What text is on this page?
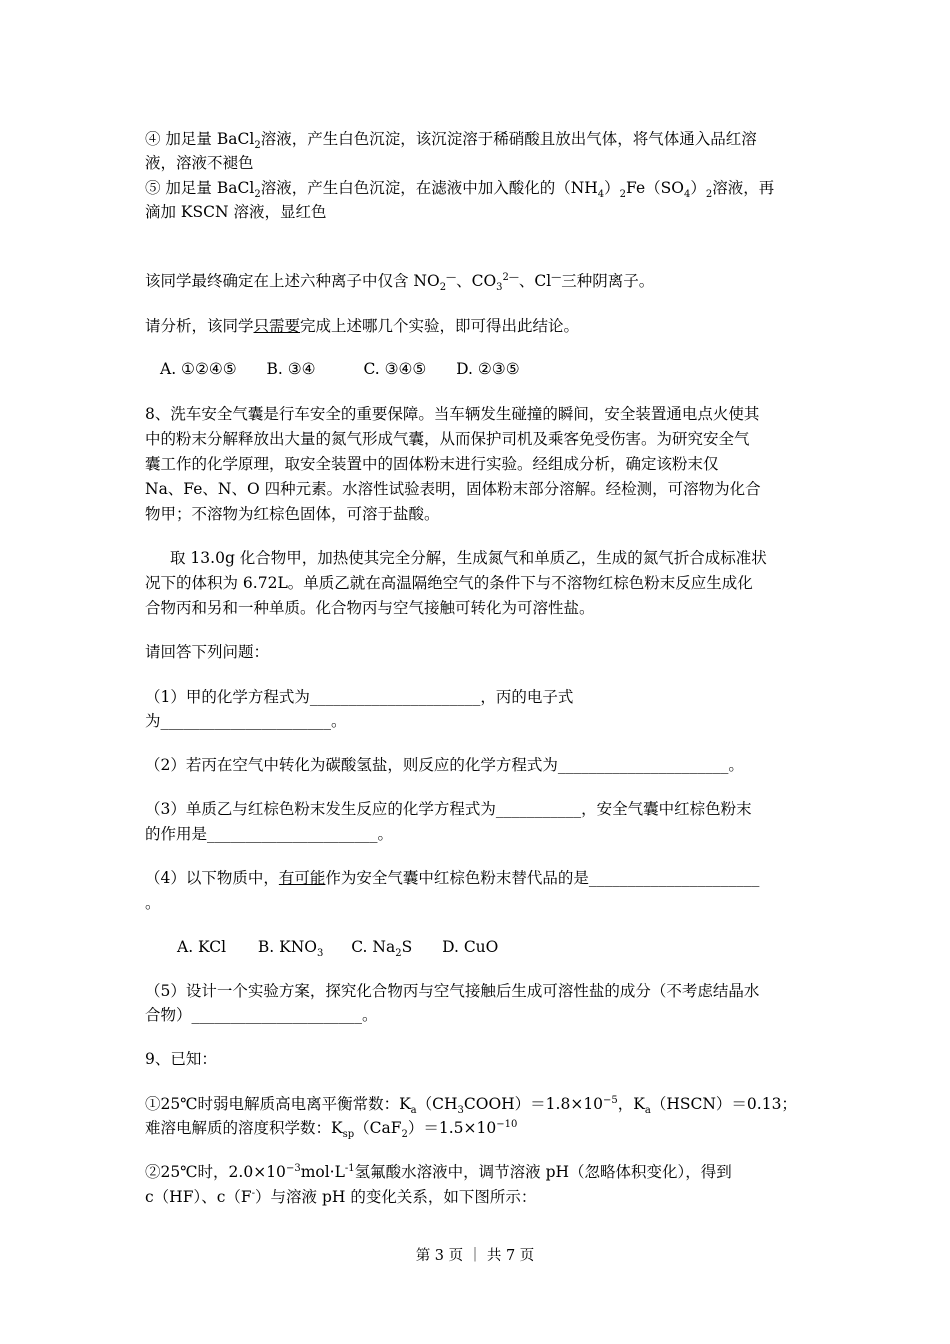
④ 加足量 BaCl$_2$溶液，产生白色沉淀，该沉淀溶于稀硝酸且放出气体，将气体通入品红溶
液，溶液不褪色
⑤ 加足量 BaCl$_2$溶液，产生白色沉淀，在滤液中加入酸化的$(NH_4)_2Fe(SO_4)_2$溶液，再
滴加 KSCN 溶液，显红色
该同学最终确定在上述六种离子中仅含 $NO_2^—$、$CO_3^{2—}$、Cl—三种阴离子。
请分析，该同学只需要完成上述哪几个实验，即可得出此结论。
A. ①②④⑤ B. ③④	C. ③④⑤ D. ②③⑤
8、洗车安全气囊是行车安全的重要保障。当车辆发生碰撞的瞬间，安全装置通电点火使其
中的粉末分解释放出大量的氮气形成气囊，从而保护司机及乘客免受伤害。为研究安全气
囊工作的化学原理，取安全装置中的固体粉末进行实验。经组成分析，确定该粉末仅
Na、Fe、N、O 四种元素。水溶性试验表明，固体粉末部分溶解。经检测，可溶物为化合
物甲；不溶物为红棕色固体，可溶于盐酸。
取 13.0g 化合物甲，加热使其完全分解，生成氮气和单质乙，生成的氮气折合成标准状
况下的体积为 6.72L。单质乙就在高温隔绝空气的条件下与不溶物红棕色粉末反应生成化
合物丙和另和一种单质。化合物丙与空气接触可转化为可溶性盐。
请回答下列问题：
（1）甲的化学方程式为______________________，丙的电子式
为______________________。
（2）若丙在空气中转化为碳酸氢盐，则反应的化学方程式为______________________。
（3）单质乙与红棕色粉末发生反应的化学方程式为___________，安全气囊中红棕色粉末
的作用是______________________。
（4）以下物质中，有可能作为安全气囊中红棕色粉末替代品的是______________________
。
A. KCl B. $KNO_3$ C. $Na_2S$ D. CuO
（5）设计一个实验方案，探究化合物丙与空气接触后生成可溶性盐的成分（不考虑结晶水
合物）______________________。
9、已知：
①25℃时弱电解质高电离平衡常数：$K_a(CH_3COOH)=1.8\times 10^{-5}$，$K_a(HSCN)=0.13$；
难溶电解质的溶度积学数：$K_{sp}(CaF_2)=1.5\times 10^{-10}$
②25℃时，$2.0\times 10^{-3}mol\cdot L^{-1}$氢氟酸水溶液中，调节溶液 pH（忽略体积变化），得到
c（HF）、c（F-）与溶液 pH 的变化关系，如下图所示：
第 3 页 ｜ 共 7 页
